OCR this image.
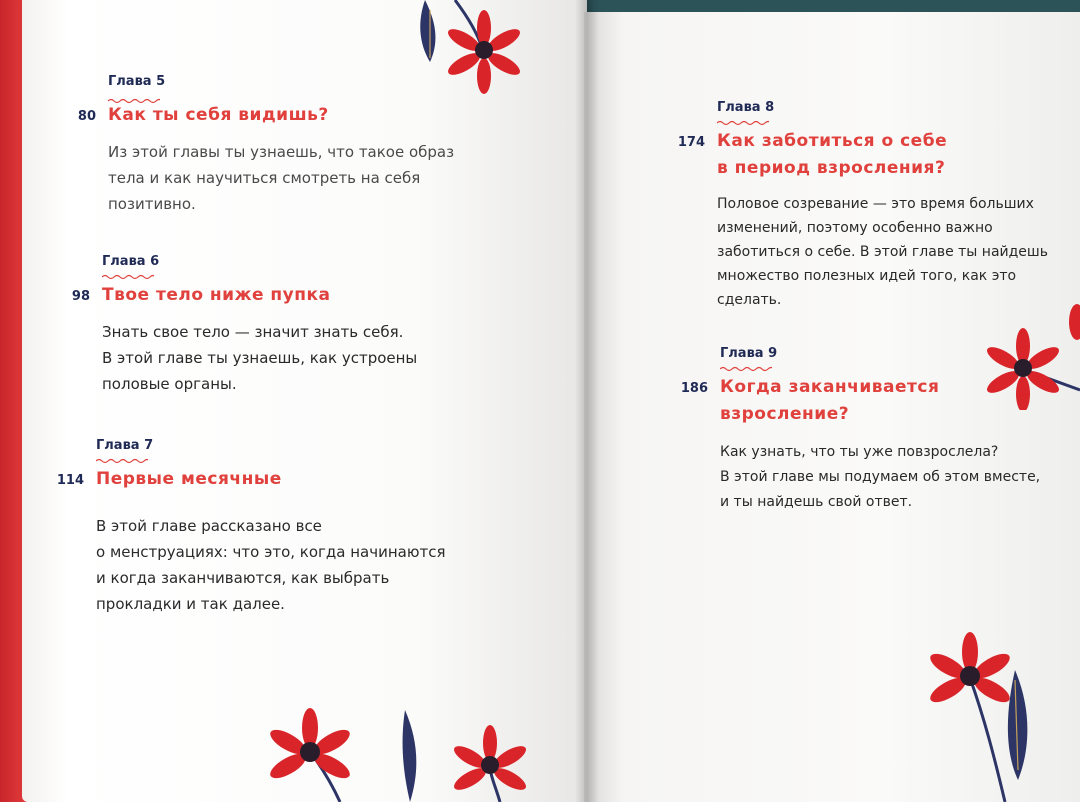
Глава 5
80 Как ты себя видишь?
Из этой главы ты узнаешь, что такое образ
тела и как научиться смотреть на себя
позитивно.
Глава 6
98 Твое тело ниже пупка
Знать свое тело — значит знать себя.
В этой главе ты узнаешь, как устроены
половые органы.
Глава 7
114 Первые месячные
В этой главе рассказано все
о менструациях: что это, когда начинаются
и когда заканчиваются, как выбрать
прокладки и так далее.
Глава 8
174 Как заботиться о себе
в период взросления?
Половое созревание — это время больших
изменений, поэтому особенно важно
заботиться о себе. В этой главе ты найдешь
множество полезных идей того, как это
сделать.
Глава 9
186 Когда заканчивается
взросление?
Как узнать, что ты уже повзрослела?
В этой главе мы подумаем об этом вместе,
и ты найдешь свой ответ.
